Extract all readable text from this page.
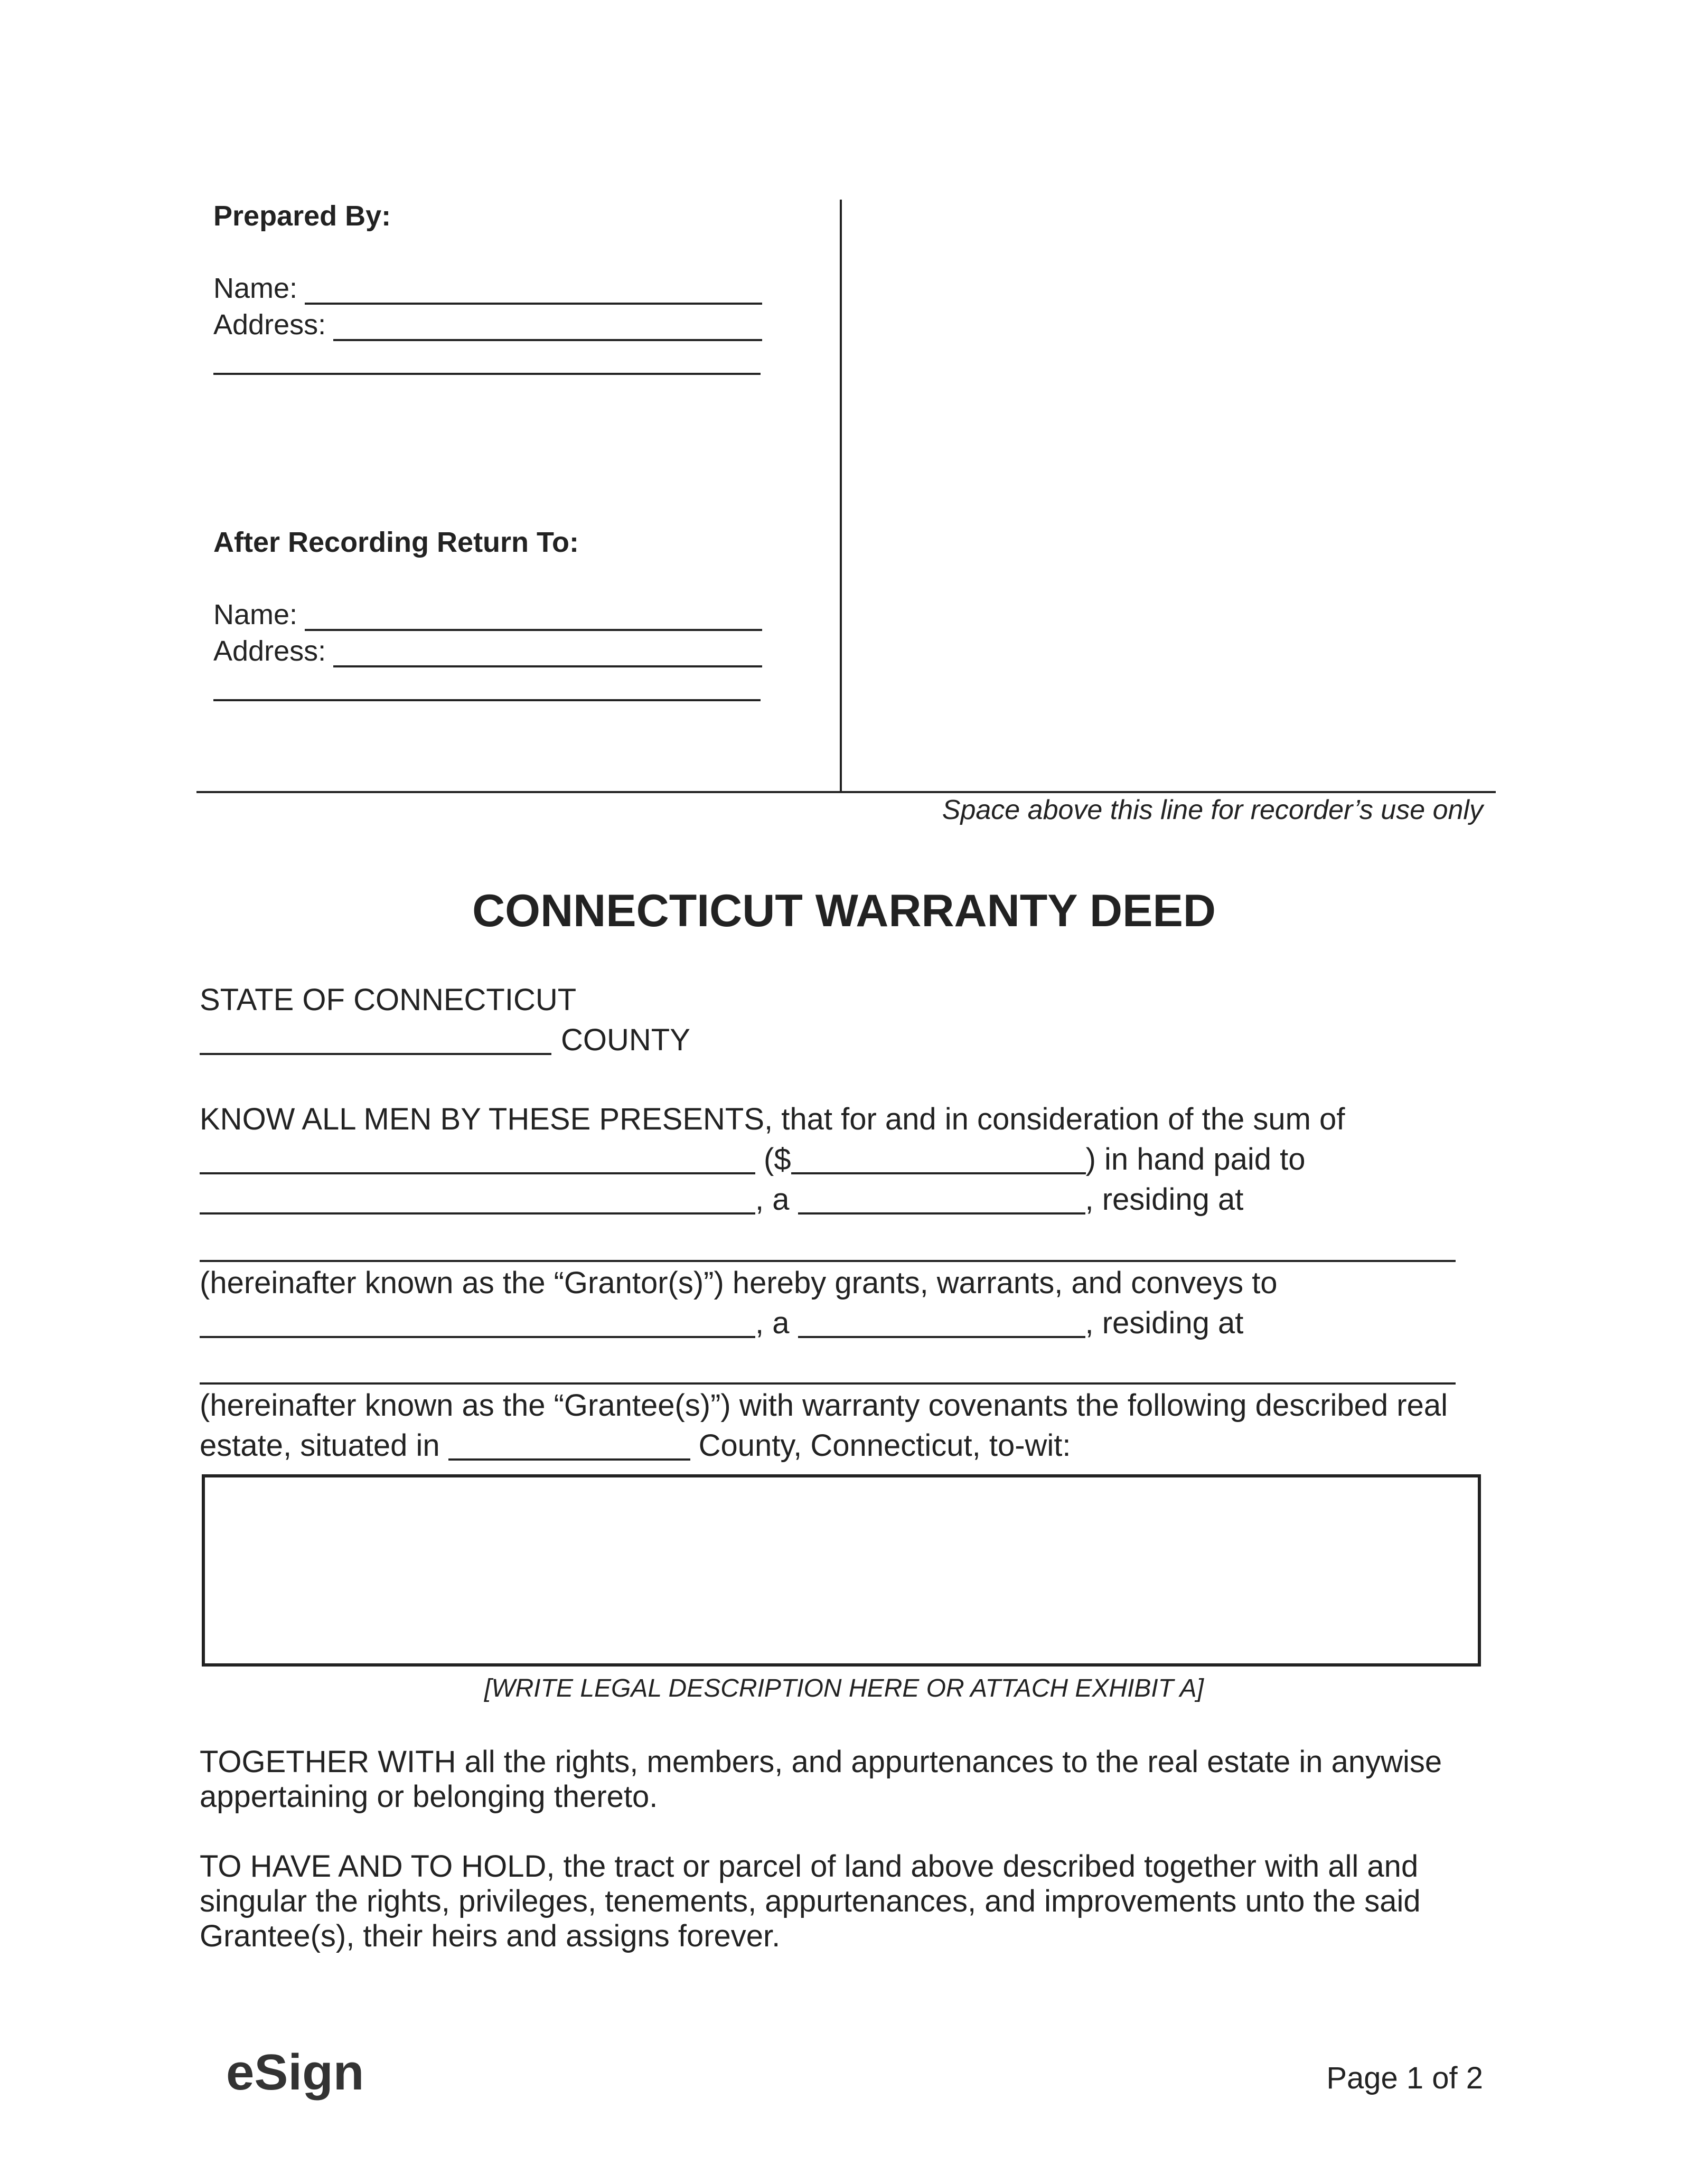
Prepared By:
Name:
Address:
After Recording Return To:
Name:
Address:
Space above this line for recorder’s use only
CONNECTICUT WARRANTY DEED
STATE OF CONNECTICUT
COUNTY
KNOW ALL MEN BY THESE PRESENTS, that for and in consideration of the sum of
($	) in hand paid to
, a	, residing at
(hereinafter known as the “Grantor(s)”) hereby grants, warrants, and conveys to
, a	, residing at
(hereinafter known as the “Grantee(s)”) with warranty covenants the following described real
estate, situated in	County, Connecticut, to-wit:
[WRITE LEGAL DESCRIPTION HERE OR ATTACH EXHIBIT A]
TOGETHER WITH all the rights, members, and appurtenances to the real estate in anywise appertaining or belonging thereto.
TO HAVE AND TO HOLD, the tract or parcel of land above described together with all and singular the rights, privileges, tenements, appurtenances, and improvements unto the said Grantee(s), their heirs and assigns forever.
eSign	Page 1 of 2
